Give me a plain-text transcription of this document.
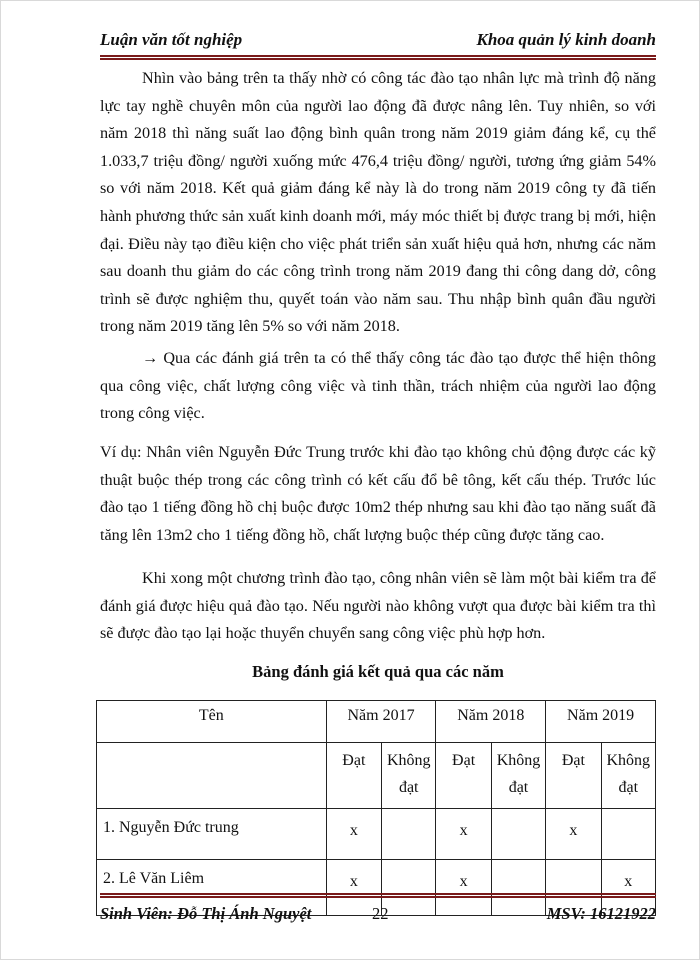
Luận văn tốt nghiệp	Khoa quản lý kinh doanh
Nhìn vào bảng trên ta thấy nhờ có công tác đào tạo nhân lực mà trình độ năng lực tay nghề chuyên môn của người lao động đã được nâng lên. Tuy nhiên, so với năm 2018 thì năng suất lao động bình quân trong năm 2019 giảm đáng kể, cụ thể 1.033,7 triệu đồng/ người xuống mức 476,4 triệu đồng/ người, tương ứng giảm 54% so với năm 2018. Kết quả giảm đáng kể này là do trong năm 2019 công ty đã tiến hành phương thức sản xuất kinh doanh mới, máy móc thiết bị được trang bị mới, hiện đại. Điều này tạo điều kiện cho việc phát triển sản xuất hiệu quả hơn, nhưng các năm sau doanh thu giảm do các công trình trong năm 2019 đang thi công dang dở, công trình sẽ được nghiệm thu, quyết toán vào năm sau. Thu nhập bình quân đầu người trong năm 2019 tăng lên 5% so với năm 2018.
→ Qua các đánh giá trên ta có thể thấy công tác đào tạo được thể hiện thông qua công việc, chất lượng công việc và tinh thần, trách nhiệm của người lao động trong công việc.
Ví dụ: Nhân viên Nguyễn Đức Trung trước khi đào tạo không chủ động được các kỹ thuật buộc thép trong các công trình có kết cấu đổ bê tông, kết cấu thép. Trước lúc đào tạo 1 tiếng đồng hồ chị buộc được 10m2 thép nhưng sau khi đào tạo năng suất đã tăng lên 13m2 cho 1 tiếng đồng hồ, chất lượng buộc thép cũng được tăng cao.
Khi xong một chương trình đào tạo, công nhân viên sẽ làm một bài kiểm tra để đánh giá được hiệu quả đào tạo. Nếu người nào không vượt qua được bài kiểm tra thì sẽ được đào tạo lại hoặc thuyển chuyển sang công việc phù hợp hơn.
Bảng đánh giá kết quả qua các năm
Tên	Năm 2017		Năm 2018		Năm 2019	
	Đạt	Không đạt	Đạt	Không đạt	Đạt	Không đạt
1. Nguyễn Đức trung	x		x		x	
2. Lê Văn Liêm	x		x			x
Sinh Viên: Đỗ Thị Ánh Nguyệt	22	MSV: 16121922
